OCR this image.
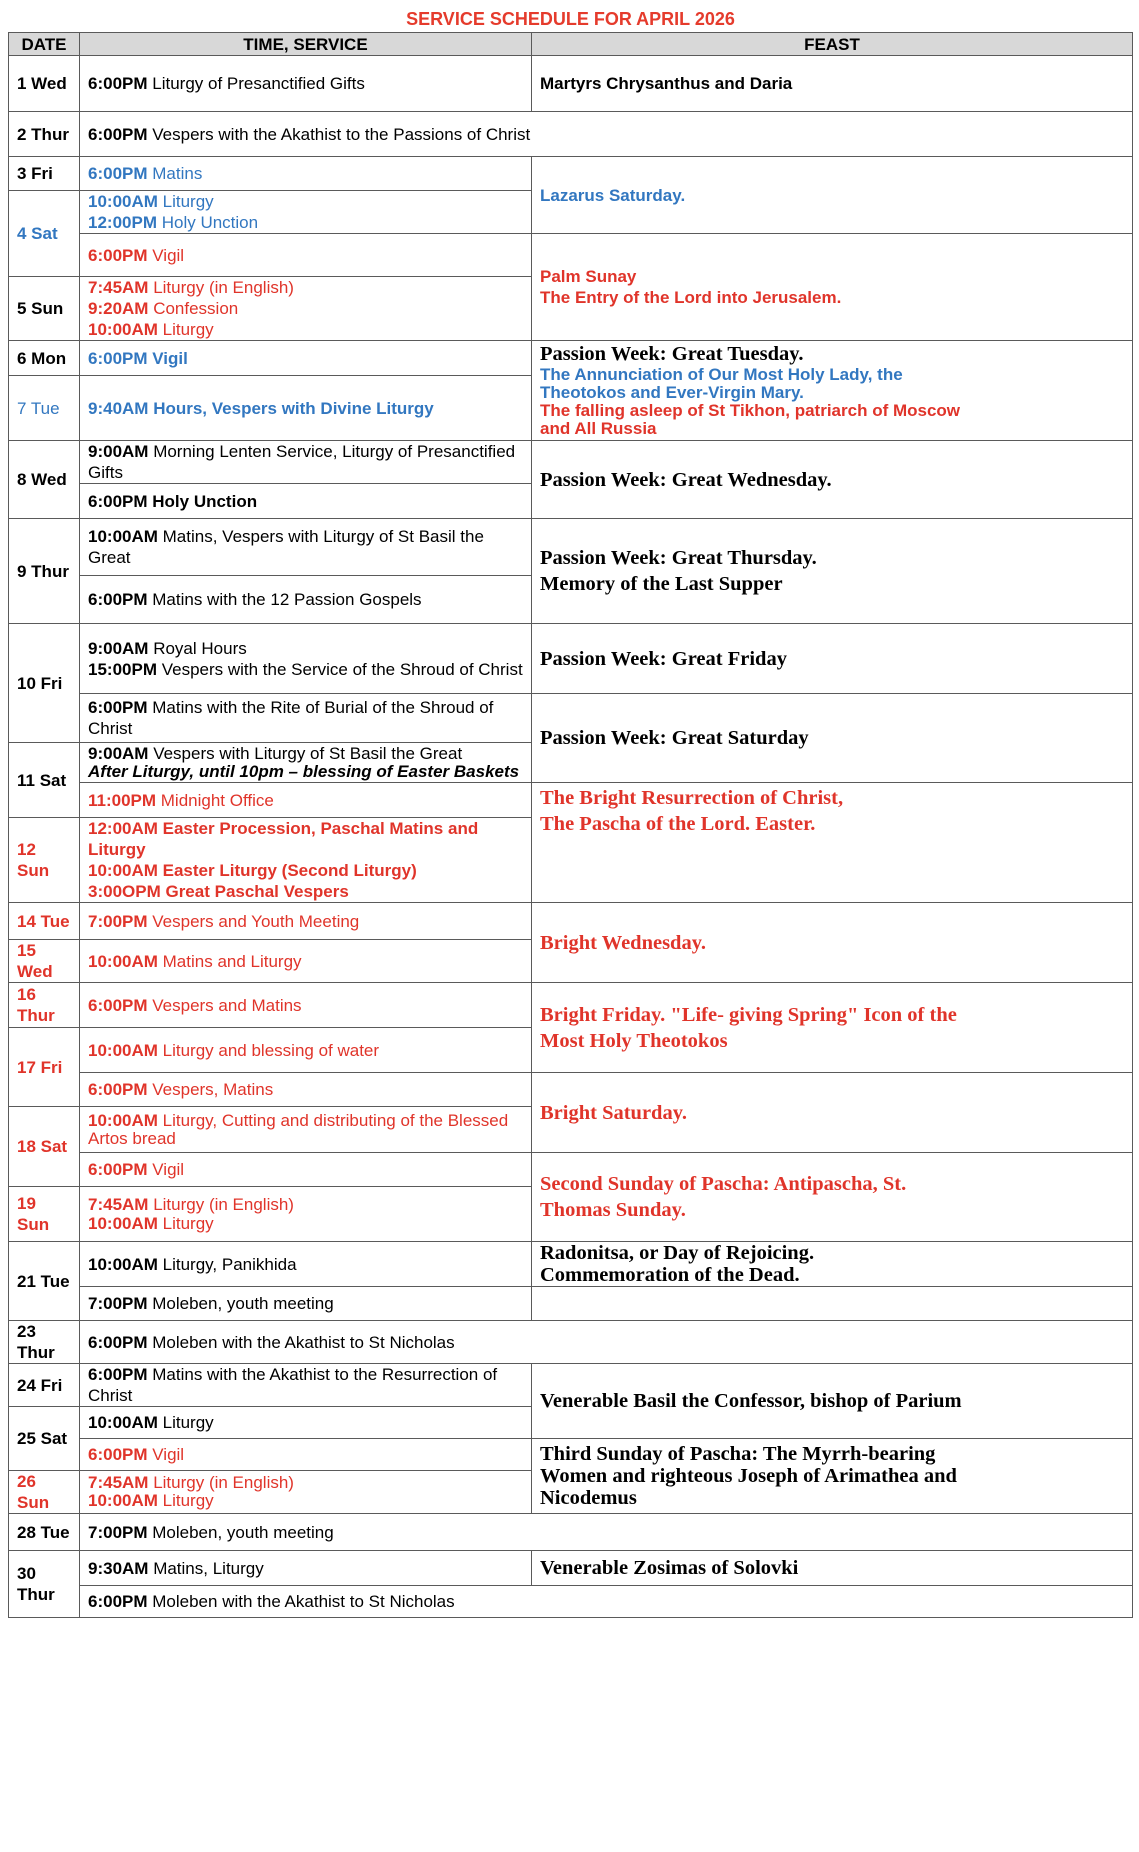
SERVICE SCHEDULE FOR APRIL 2026		
DATE	TIME, SERVICE	FEAST
1 Wed	6:00PM Liturgy of Presanctified Gifts	Martyrs Chrysanthus and Daria
2 Thur	6:00PM Vespers with the Akathist to the Passions of Christ	
3 Fri	6:00PM Matins	Lazarus Saturday.
4 Sat	10:00AM Liturgy
12:00PM Holy Unction	

	6:00PM Vigil	Palm Sunay
The Entry of the Lord into Jerusalem.

5 Sun	7:45AM Liturgy (in English)
9:20AM Confession
10:00AM Liturgy	

6 Mon	6:00PM Vigil	Passion Week: Great Tuesday.
The Annunciation of Our Most Holy Lady, the
Theotokos and Ever-Virgin Mary.
The falling asleep of St Tikhon, patriarch of Moscow
and All Russia

7 Tue	9:40AM Hours, Vespers with Divine Liturgy	
8 Wed	9:00AM Morning Lenten Service, Liturgy of Presanctified Gifts	Passion Week: Great Wednesday.
	6:00PM Holy Unction	
9 Thur	10:00AM Matins, Vespers with Liturgy of St Basil the Great	Passion Week: Great Thursday.
Memory of the Last Supper

	6:00PM Matins with the 12 Passion Gospels	
10 Fri	9:00AM Royal Hours
15:00PM Vespers with the Service of the Shroud of Christ	Passion Week: Great Friday
	6:00PM Matins with the Rite of Burial of the Shroud of Christ	Passion Week: Great Saturday
11 Sat	9:00AM Vespers with Liturgy of St Basil the Great
After Liturgy, until 10pm – blessing of Easter Baskets	

	11:00PM Midnight Office	The Bright Resurrection of Christ,
The Pascha of the Lord. Easter.

12 Sun	12:00AM Easter Procession, Paschal Matins and Liturgy
10:00AM Easter Liturgy (Second Liturgy)
3:00OPM Great Paschal Vespers	

14 Tue	7:00PM Vespers and Youth Meeting	Bright Wednesday.
15 Wed	10:00AM Matins and Liturgy	
16 Thur	6:00PM Vespers and Matins	Bright Friday. "Life- giving Spring" Icon of the
Most Holy Theotokos

17 Fri	10:00AM Liturgy and blessing of water	
	6:00PM Vespers, Matins	Bright Saturday.
18 Sat	10:00AM Liturgy, Cutting and distributing of the Blessed
Artos bread	

	6:00PM Vigil	Second Sunday of Pascha: Antipascha, St.
Thomas Sunday.

19 Sun	7:45AM Liturgy (in English)
10:00AM Liturgy	

21 Tue	10:00AM Liturgy, Panikhida	Radonitsa, or Day of Rejoicing.
Commemoration of the Dead.

	7:00PM Moleben, youth meeting	
23 Thur	6:00PM Moleben with the Akathist to St Nicholas	
24 Fri	6:00PM Matins with the Akathist to the Resurrection of Christ	Venerable Basil the Confessor, bishop of Parium
25 Sat	10:00AM Liturgy	
	6:00PM Vigil	Third Sunday of Pascha: The Myrrh-bearing
Women and righteous Joseph of Arimathea and
Nicodemus

26 Sun	7:45AM Liturgy (in English)
10:00AM Liturgy	

28 Tue	7:00PM Moleben, youth meeting	
30 Thur	9:30AM Matins, Liturgy	Venerable Zosimas of Solovki
	6:00PM Moleben with the Akathist to St Nicholas	
